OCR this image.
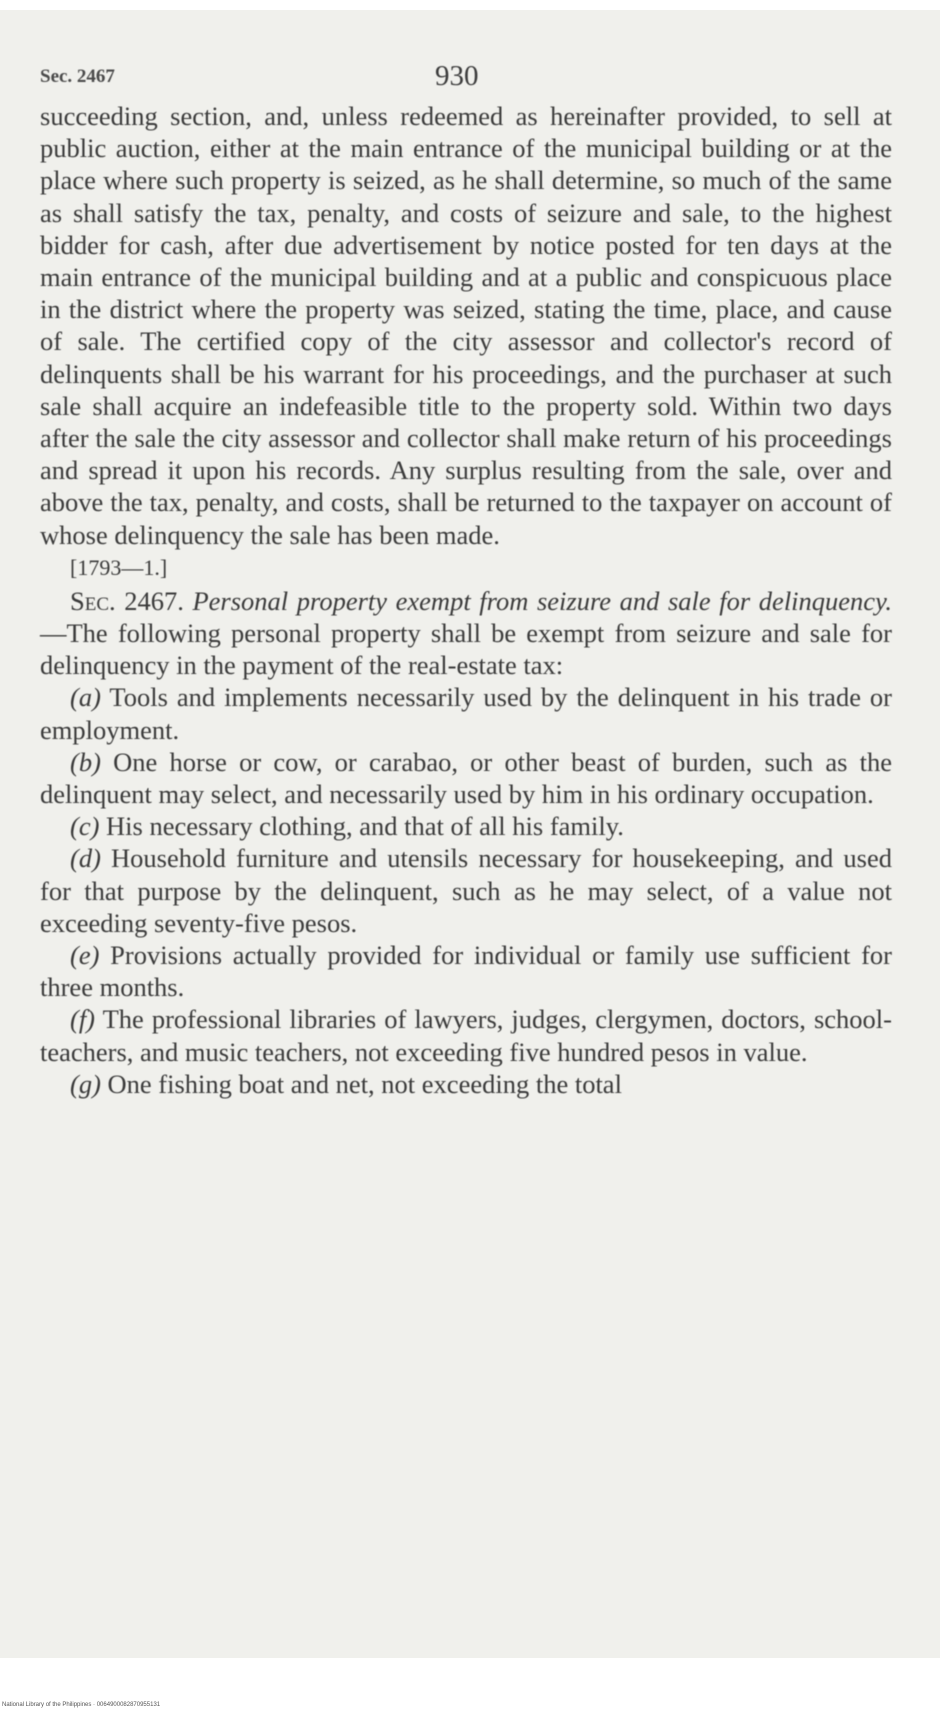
Sec. 2467	930

succeeding section, and, unless redeemed as hereinafter provided, to sell at public auction, either at the main entrance of the municipal building or at the place where such property is seized, as he shall determine, so much of the same as shall satisfy the tax, penalty, and costs of seizure and sale, to the highest bidder for cash, after due advertisement by notice posted for ten days at the main entrance of the municipal building and at a public and conspicuous place in the district where the property was seized, stating the time, place, and cause of sale. The certified copy of the city assessor and collector's record of delinquents shall be his warrant for his proceedings, and the purchaser at such sale shall acquire an indefeasible title to the property sold. Within two days after the sale the city assessor and collector shall make return of his proceedings and spread it upon his records. Any surplus resulting from the sale, over and above the tax, penalty, and costs, shall be returned to the taxpayer on account of whose delinquency the sale has been made.

[1793—1.]

Sec. 2467. Personal property exempt from seizure and sale for delinquency.—The following personal property shall be exempt from seizure and sale for delinquency in the payment of the real-estate tax:

(a) Tools and implements necessarily used by the delinquent in his trade or employment.

(b) One horse or cow, or carabao, or other beast of burden, such as the delinquent may select, and necessarily used by him in his ordinary occupation.

(c) His necessary clothing, and that of all his family.

(d) Household furniture and utensils necessary for housekeeping, and used for that purpose by the delinquent, such as he may select, of a value not exceeding seventy-five pesos.

(e) Provisions actually provided for individual or family use sufficient for three months.

(f) The professional libraries of lawyers, judges, clergymen, doctors, school-teachers, and music teachers, not exceeding five hundred pesos in value.

(g) One fishing boat and net, not exceeding the total

National Library of the Philippines · 0064900082870955131
